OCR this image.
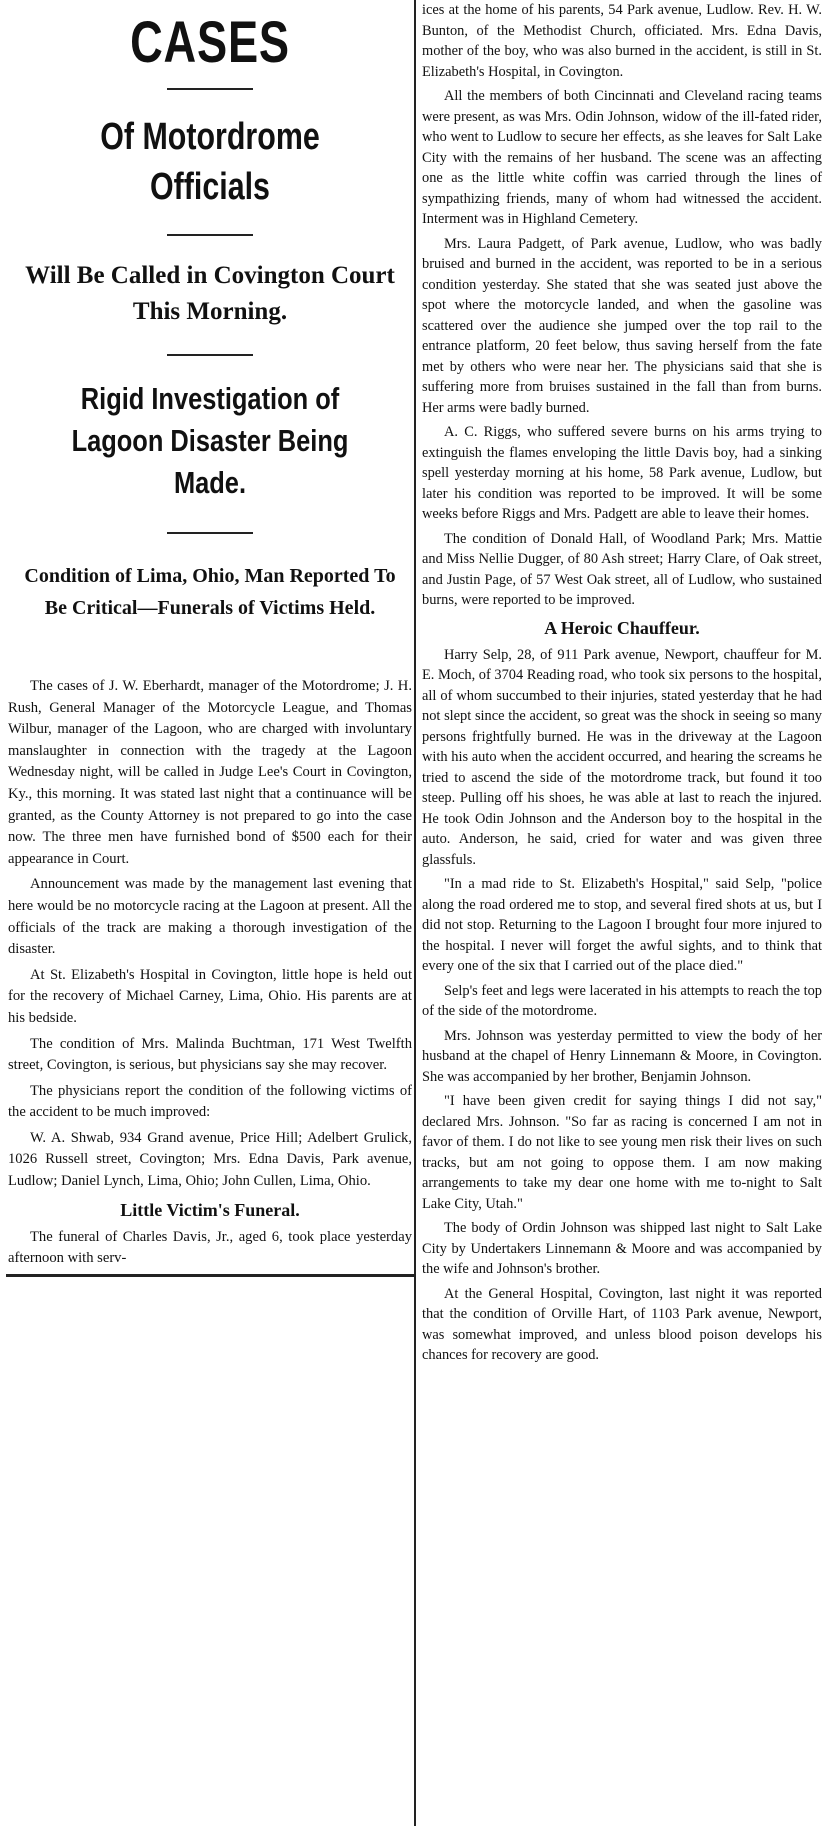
CASES
Of Motordrome Officials
Will Be Called in Covington Court This Morning.
Rigid Investigation of Lagoon Disaster Being Made.
Condition of Lima, Ohio, Man Reported To Be Critical—Funerals of Victims Held.

The cases of J. W. Eberhardt, manager of the Motordrome; J. H. Rush, General Manager of the Motorcycle League, and Thomas Wilbur, manager of the Lagoon, who are charged with involuntary manslaughter in connection with the tragedy at the Lagoon Wednesday night, will be called in Judge Lee's Court in Covington, Ky., this morning. It was stated last night that a continuance will be granted, as the County Attorney is not prepared to go into the case now. The three men have furnished bond of $500 each for their appearance in Court.

Announcement was made by the management last evening that here would be no motorcycle racing at the Lagoon at present. All the officials of the track are making a thorough investigation of the disaster.

At St. Elizabeth's Hospital in Covington, little hope is held out for the recovery of Michael Carney, Lima, Ohio. His parents are at his bedside.

The condition of Mrs. Malinda Buchtman, 171 West Twelfth street, Covington, is serious, but physicians say she may recover.

The physicians report the condition of the following victims of the accident to be much improved:

W. A. Shwab, 934 Grand avenue, Price Hill; Adelbert Grulick, 1026 Russell street, Covington; Mrs. Edna Davis, Park avenue, Ludlow; Daniel Lynch, Lima, Ohio; John Cullen, Lima, Ohio.

Little Victim's Funeral.

The funeral of Charles Davis, Jr., aged 6, took place yesterday afternoon with serv-

ices at the home of his parents, 54 Park avenue, Ludlow. Rev. H. W. Bunton, of the Methodist Church, officiated. Mrs. Edna Davis, mother of the boy, who was also burned in the accident, is still in St. Elizabeth's Hospital, in Covington.

All the members of both Cincinnati and Cleveland racing teams were present, as was Mrs. Odin Johnson, widow of the ill-fated rider, who went to Ludlow to secure her effects, as she leaves for Salt Lake City with the remains of her husband. The scene was an affecting one as the little white coffin was carried through the lines of sympathizing friends, many of whom had witnessed the accident. Interment was in Highland Cemetery.

Mrs. Laura Padgett, of Park avenue, Ludlow, who was badly bruised and burned in the accident, was reported to be in a serious condition yesterday. She stated that she was seated just above the spot where the motorcycle landed, and when the gasoline was scattered over the audience she jumped over the top rail to the entrance platform, 20 feet below, thus saving herself from the fate met by others who were near her. The physicians said that she is suffering more from bruises sustained in the fall than from burns. Her arms were badly burned.

A. C. Riggs, who suffered severe burns on his arms trying to extinguish the flames enveloping the little Davis boy, had a sinking spell yesterday morning at his home, 58 Park avenue, Ludlow, but later his condition was reported to be improved. It will be some weeks before Riggs and Mrs. Padgett are able to leave their homes.

The condition of Donald Hall, of Woodland Park; Mrs. Mattie and Miss Nellie Dugger, of 80 Ash street; Harry Clare, of Oak street, and Justin Page, of 57 West Oak street, all of Ludlow, who sustained burns, were reported to be improved.

A Heroic Chauffeur.

Harry Selp, 28, of 911 Park avenue, Newport, chauffeur for M. E. Moch, of 3704 Reading road, who took six persons to the hospital, all of whom succumbed to their injuries, stated yesterday that he had not slept since the accident, so great was the shock in seeing so many persons frightfully burned. He was in the driveway at the Lagoon with his auto when the accident occurred, and hearing the screams he tried to ascend the side of the motordrome track, but found it too steep. Pulling off his shoes, he was able at last to reach the injured. He took Odin Johnson and the Anderson boy to the hospital in the auto. Anderson, he said, cried for water and was given three glassfuls.

"In a mad ride to St. Elizabeth's Hospital," said Selp, "police along the road ordered me to stop, and several fired shots at us, but I did not stop. Returning to the Lagoon I brought four more injured to the hospital. I never will forget the awful sights, and to think that every one of the six that I carried out of the place died."

Selp's feet and legs were lacerated in his attempts to reach the top of the side of the motordrome.

Mrs. Johnson was yesterday permitted to view the body of her husband at the chapel of Henry Linnemann & Moore, in Covington. She was accompanied by her brother, Benjamin Johnson.

"I have been given credit for saying things I did not say," declared Mrs. Johnson. "So far as racing is concerned I am not in favor of them. I do not like to see young men risk their lives on such tracks, but am not going to oppose them. I am now making arrangements to take my dear one home with me to-night to Salt Lake City, Utah."

The body of Ordin Johnson was shipped last night to Salt Lake City by Undertakers Linnemann & Moore and was accompanied by the wife and Johnson's brother.

At the General Hospital, Covington, last night it was reported that the condition of Orville Hart, of 1103 Park avenue, Newport, was somewhat improved, and unless blood poison develops his chances for recovery are good.
